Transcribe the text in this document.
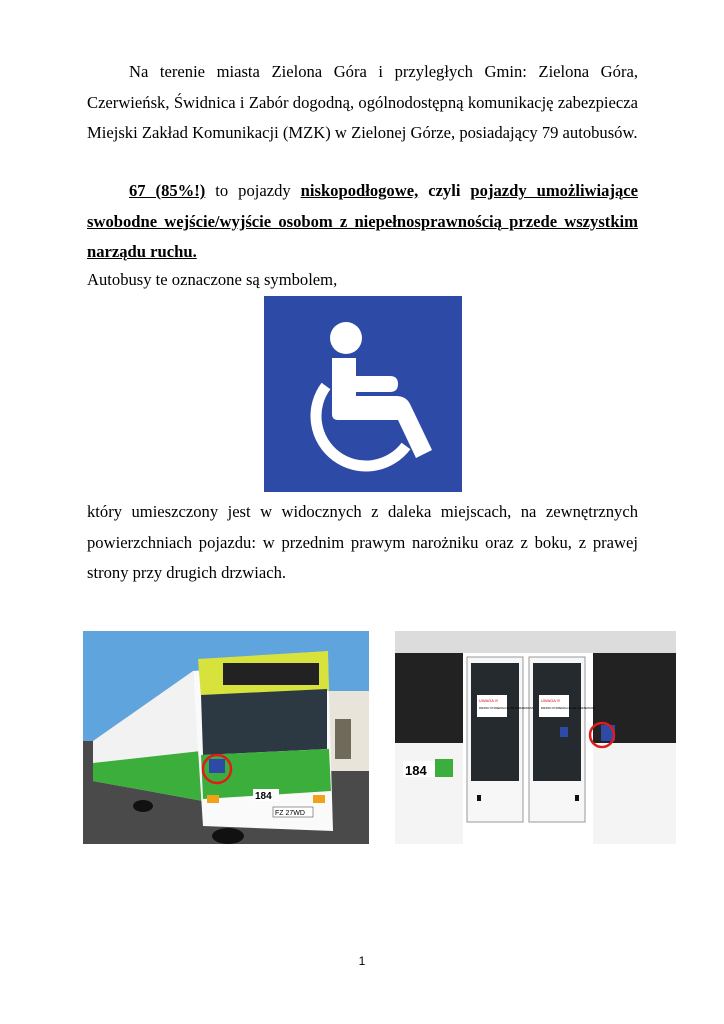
Na terenie miasta Zielona Góra i przyległych Gmin: Zielona Góra, Czerwieńsk, Świdnica i Zabór dogodną, ogólnodostępną komunikację zabezpiecza Miejski Zakład Komunikacji (MZK) w Zielonej Górze, posiadający 79 autobusów.

67 (85%!) to pojazdy niskopodłogowe, czyli pojazdy umożliwiające swobodne wejście/wyjście osobom z niepełnosprawnością przede wszystkim narządu ruchu.

Autobusy te oznaczone są symbolem,

który umieszczony jest w widocznych z daleka miejscach, na zewnętrznych powierzchniach pojazdu: w przednim prawym narożniku oraz z boku, z prawej strony przy drugich drzwiach.

184
FZ 27WD
UWAGA !!!
DRZWI OTWIERALNE ZE ZGRZEWOM
UWAGA !!!
DRZWI OTWIERALNE ZE ZGRZEWOM
184
1
